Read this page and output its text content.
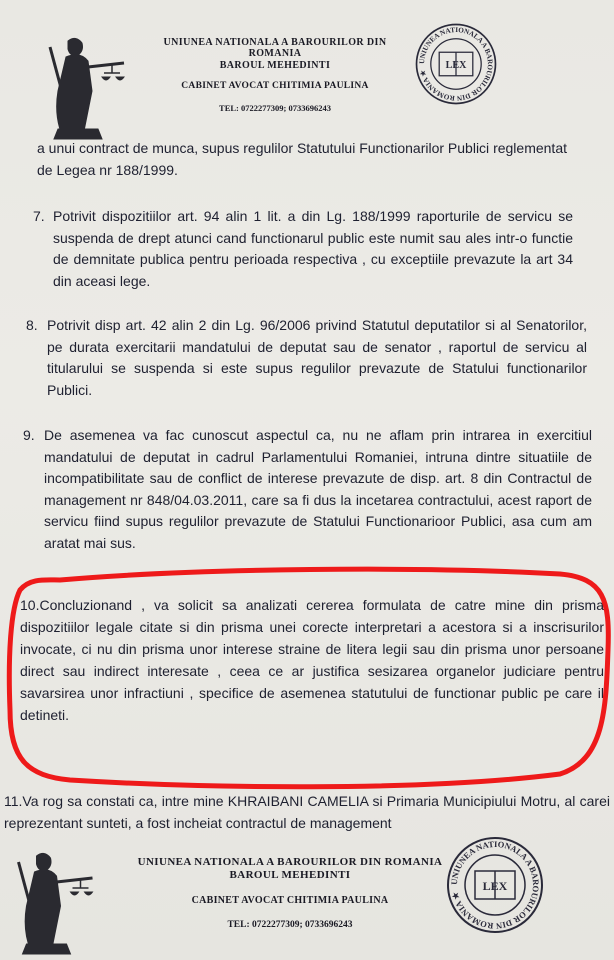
UNIUNEA NATIONALA A BAROURILOR DIN ROMANIA
BAROUL MEHEDINTI
CABINET AVOCAT CHITIMIA PAULINA
TEL: 0722277309; 0733696243
UNIUNEA NATIONALA A BAROURILOR DIN ROMANIA ★
LEX
a unui contract de munca, supus regulilor Statutului Functionarilor Publici reglementat de Legea nr 188/1999.
7. Potrivit dispozitiilor art. 94 alin 1 lit. a din Lg. 188/1999 raporturile de servicu se suspenda de drept atunci cand functionarul public este numit sau ales intr-o functie de demnitate publica pentru perioada respectiva , cu exceptiile prevazute la art 34 din aceasi lege.
8. Potrivit disp art. 42 alin 2 din Lg. 96/2006 privind Statutul deputatilor si al Senatorilor, pe durata exercitarii mandatului de deputat sau de senator , raportul de servicu al titularului se suspenda si este supus regulilor prevazute de Statului functionarilor Publici.
9. De asemenea va fac cunoscut aspectul ca, nu ne aflam prin intrarea in exercitiul mandatului de deputat in cadrul Parlamentului Romaniei, intruna dintre situatiile de incompatibilitate sau de conflict de interese prevazute de disp. art. 8 din Contractul de management nr 848/04.03.2011, care sa fi dus la incetarea contractului, acest raport de servicu fiind supus regulilor prevazute de Statului Functionarioor Publici, asa cum am aratat mai sus.
10.Concluzionand , va solicit sa analizati cererea formulata de catre mine din prisma dispozitiilor legale citate si din prisma unei corecte interpretari a acestora si a inscrisurilor invocate, ci nu din prisma unor interese straine de litera legii sau din prisma unor persoane direct sau indirect interesate , ceea ce ar justifica sesizarea organelor judiciare pentru savarsirea unor infractiuni , specifice de asemenea statutului de functionar public pe care il detineti.
11.Va rog sa constati ca, intre mine KHRAIBANI CAMELIA si Primaria Municipiului Motru, al carei reprezentant sunteti, a fost incheiat contractul de management
UNIUNEA NATIONALA A BAROURILOR DIN ROMANIA
BAROUL MEHEDINTI
CABINET AVOCAT CHITIMIA PAULINA
TEL: 0722277309; 0733696243
UNIUNEA NATIONALA A BAROURILOR DIN ROMANIA ★
LEX
